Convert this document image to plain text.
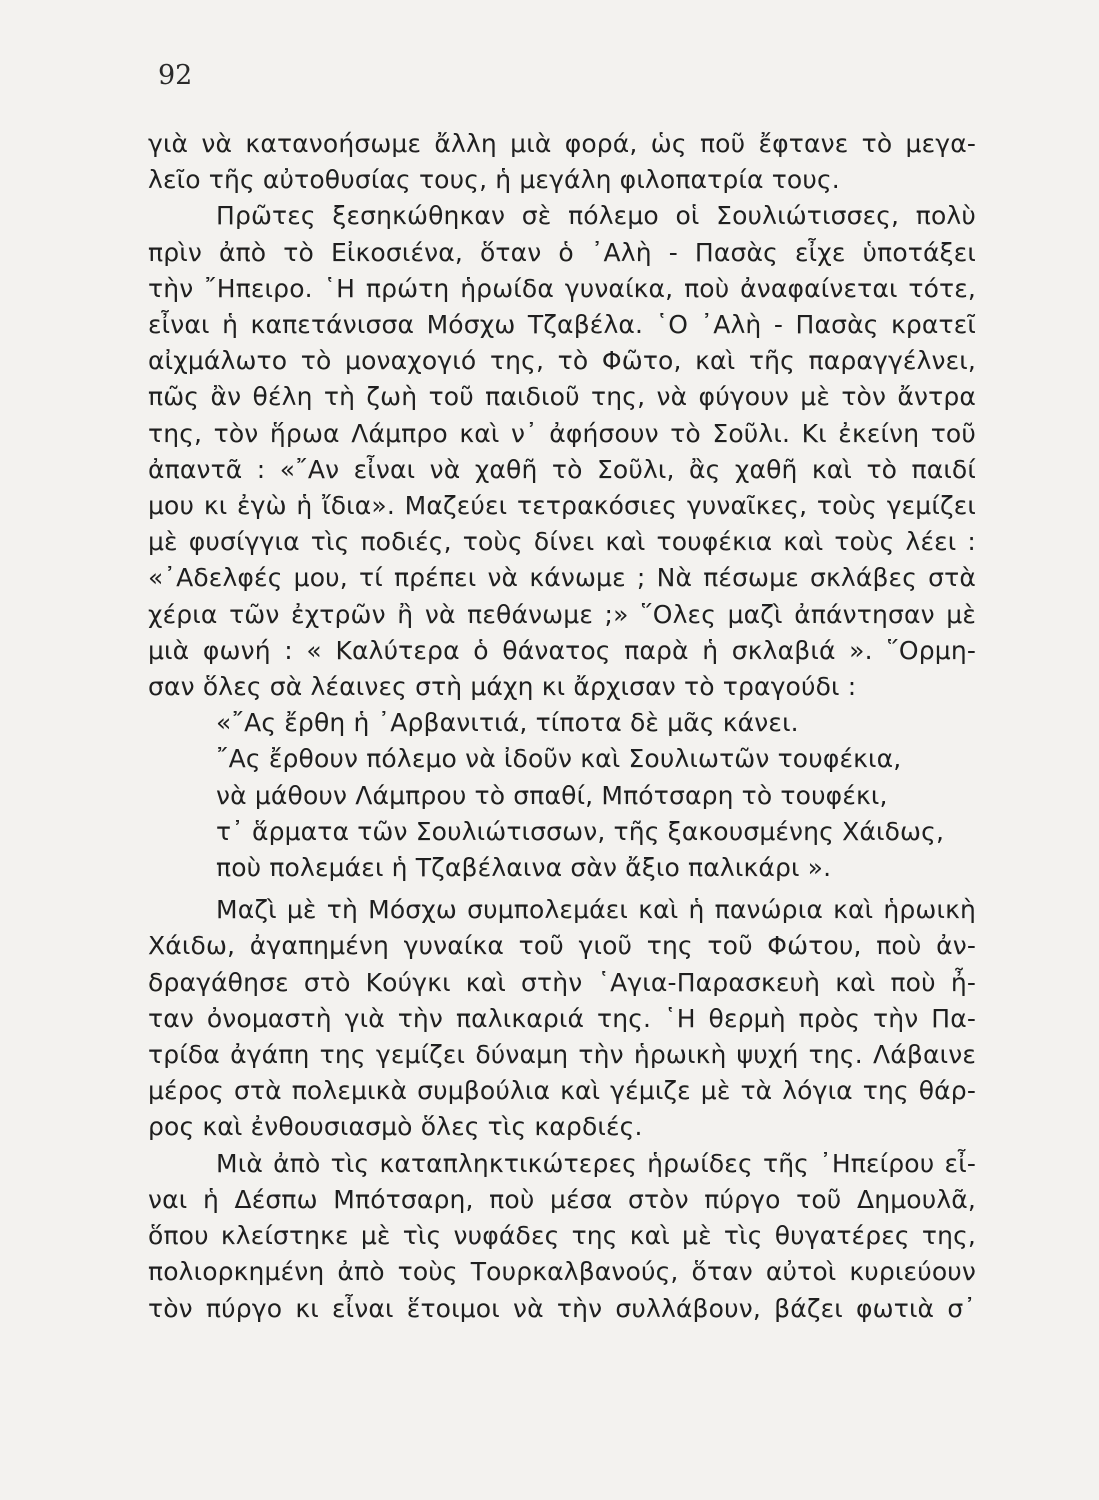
92

γιὰ νὰ κατανοήσωμε ἄλλη μιὰ φορά, ὡς ποῦ ἔφτανε τὸ μεγα-
λεῖο τῆς αὐτοθυσίας τους, ἡ μεγάλη φιλοπατρία τους.

Πρῶτες ξεσηκώθηκαν σὲ πόλεμο οἱ Σουλιώτισσες, πολὺ
πρὶν ἀπὸ τὸ Εἰκοσιένα, ὅταν ὁ ᾿Αλὴ - Πασὰς εἶχε ὑποτάξει
τὴν ῎Ηπειρο. ῾Η πρώτη ἡρωίδα γυναίκα, ποὺ ἀναφαίνεται τότε,
εἶναι ἡ καπετάνισσα Μόσχω Τζαβέλα. ῾Ο ᾿Αλὴ - Πασὰς κρατεῖ
αἰχμάλωτο τὸ μοναχογιό της, τὸ Φῶτο, καὶ τῆς παραγγέλνει,
πῶς ἂν θέλη τὴ ζωὴ τοῦ παιδιοῦ της, νὰ φύγουν μὲ τὸν ἄντρα
της, τὸν ἥρωα Λάμπρο καὶ ν᾿ ἀφήσουν τὸ Σοῦλι. Κι ἐκείνη τοῦ
ἀπαντᾶ : «῎Αν εἶναι νὰ χαθῆ τὸ Σοῦλι, ἂς χαθῆ καὶ τὸ παιδί
μου κι ἐγὼ ἡ ἴδια». Μαζεύει τετρακόσιες γυναῖκες, τοὺς γεμίζει
μὲ φυσίγγια τὶς ποδιές, τοὺς δίνει καὶ τουφέκια καὶ τοὺς λέει :
«᾿Αδελφές μου, τί πρέπει νὰ κάνωμε ; Νὰ πέσωμε σκλάβες στὰ
χέρια τῶν ἐχτρῶν ἢ νὰ πεθάνωμε ;» ῞Ολες μαζὶ ἀπάντησαν μὲ
μιὰ φωνή : « Καλύτερα ὁ θάνατος παρὰ ἡ σκλαβιά ». ῞Ορμη-
σαν ὅλες σὰ λέαινες στὴ μάχη κι ἄρχισαν τὸ τραγούδι :

«῎Ας ἔρθη ἡ ᾿Αρβανιτιά, τίποτα δὲ μᾶς κάνει.
῎Ας ἔρθουν πόλεμο νὰ ἰδοῦν καὶ Σουλιωτῶν τουφέκια,
νὰ μάθουν Λάμπρου τὸ σπαθί, Μπότσαρη τὸ τουφέκι,
τ᾿ ἅρματα τῶν Σουλιώτισσων, τῆς ξακουσμένης Χάιδως,
ποὺ πολεμάει ἡ Τζαβέλαινα σὰν ἄξιο παλικάρι ».

Μαζὶ μὲ τὴ Μόσχω συμπολεμάει καὶ ἡ πανώρια καὶ ἡρωικὴ
Χάιδω, ἀγαπημένη γυναίκα τοῦ γιοῦ της τοῦ Φώτου, ποὺ ἀν-
δραγάθησε στὸ Κούγκι καὶ στὴν ῾Αγια-Παρασκευὴ καὶ ποὺ ἦ-
ταν ὀνομαστὴ γιὰ τὴν παλικαριά της. ῾Η θερμὴ πρὸς τὴν Πα-
τρίδα ἀγάπη της γεμίζει δύναμη τὴν ἡρωικὴ ψυχή της. Λάβαινε
μέρος στὰ πολεμικὰ συμβούλια καὶ γέμιζε μὲ τὰ λόγια της θάρ-
ρος καὶ ἐνθουσιασμὸ ὅλες τὶς καρδιές.

Μιὰ ἀπὸ τὶς καταπληκτικώτερες ἡρωίδες τῆς ᾿Ηπείρου εἶ-
ναι ἡ Δέσπω Μπότσαρη, ποὺ μέσα στὸν πύργο τοῦ Δημουλᾶ,
ὅπου κλείστηκε μὲ τὶς νυφάδες της καὶ μὲ τὶς θυγατέρες της,
πολιορκημένη ἀπὸ τοὺς Τουρκαλβανούς, ὅταν αὐτοὶ κυριεύουν
τὸν πύργο κι εἶναι ἕτοιμοι νὰ τὴν συλλάβουν, βάζει φωτιὰ σ᾿
